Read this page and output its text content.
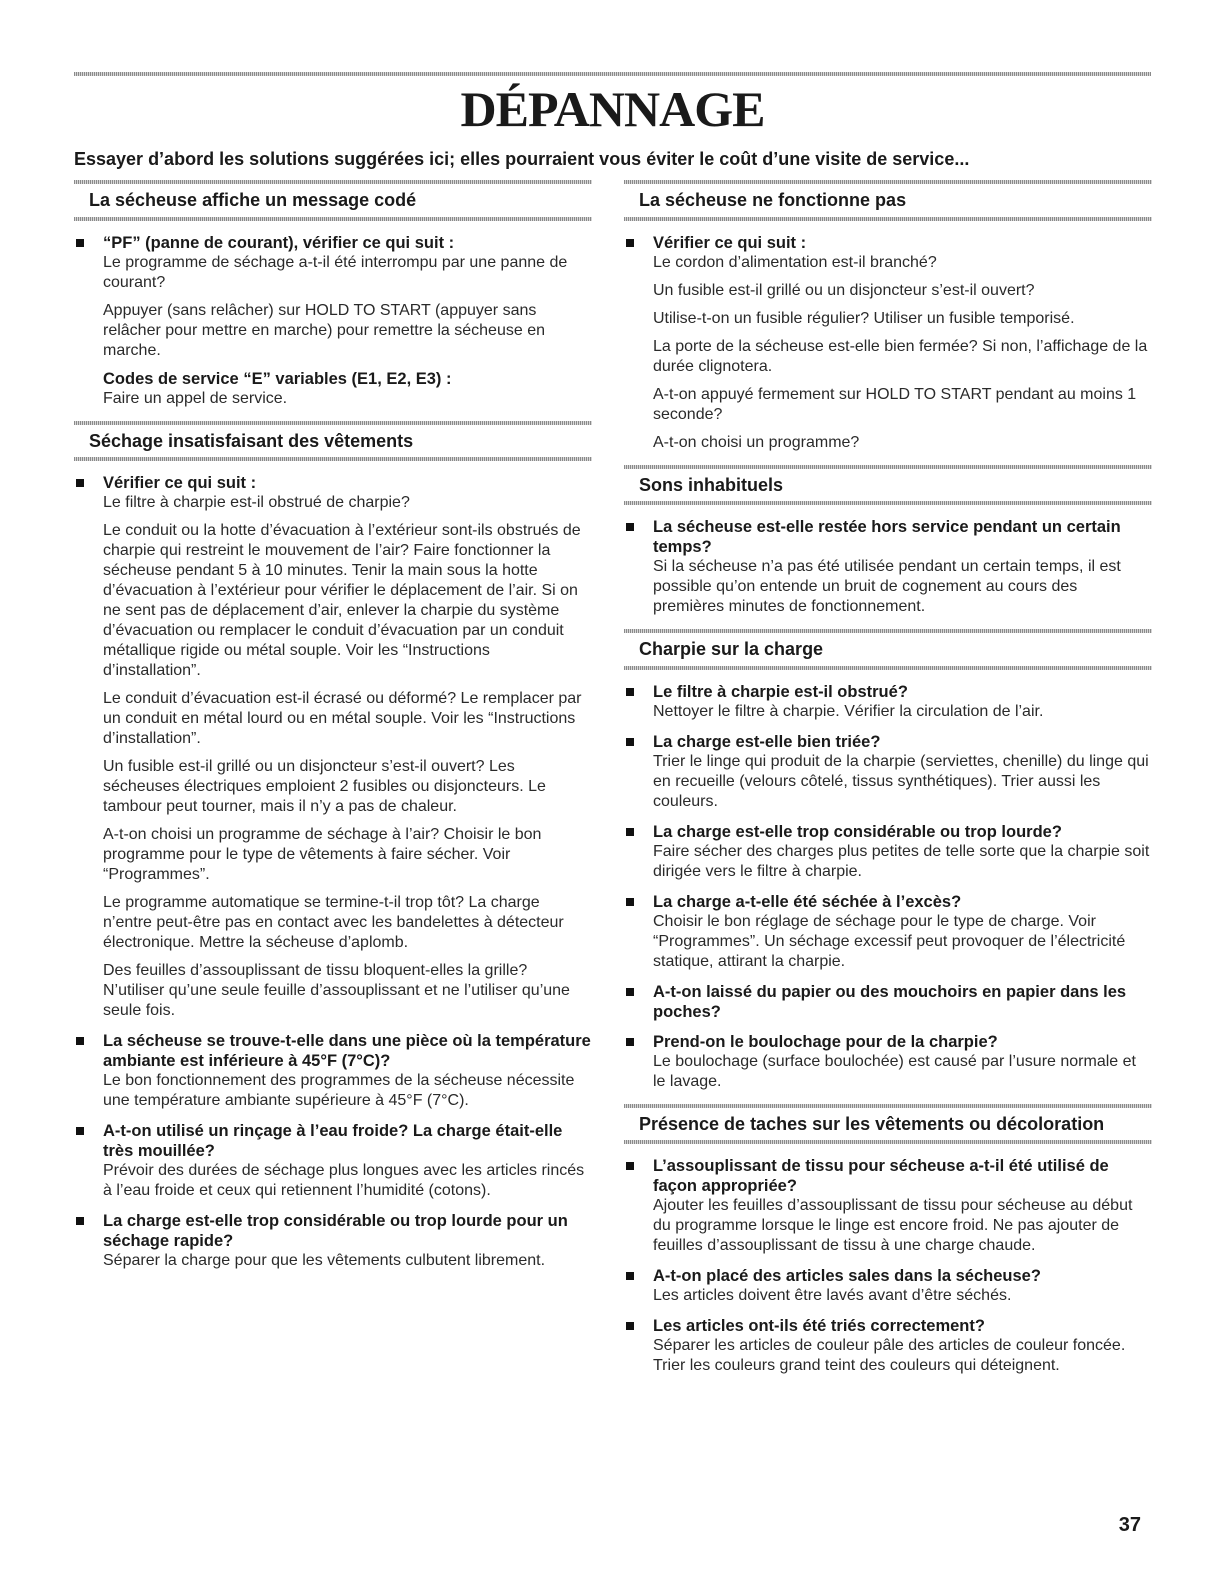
DÉPANNAGE

Essayer d’abord les solutions suggérées ici; elles pourraient vous éviter le coût d’une visite de service...

La sécheuse affiche un message codé

“PF” (panne de courant), vérifier ce qui suit :

Le programme de séchage a-t-il été interrompu par une panne de courant?

Appuyer (sans relâcher) sur HOLD TO START (appuyer sans relâcher pour mettre en marche) pour remettre la sécheuse en marche.

Codes de service “E” variables (E1, E2, E3) :

Faire un appel de service.

Séchage insatisfaisant des vêtements

Vérifier ce qui suit :

Le filtre à charpie est-il obstrué de charpie?

Le conduit ou la hotte d’évacuation à l’extérieur sont-ils obstrués de charpie qui restreint le mouvement de l’air? Faire fonctionner la sécheuse pendant 5 à 10 minutes. Tenir la main sous la hotte d’évacuation à l’extérieur pour vérifier le déplacement de l’air. Si on ne sent pas de déplacement d’air, enlever la charpie du système d’évacuation ou remplacer le conduit d’évacuation par un conduit métallique rigide ou métal souple. Voir les “Instructions d’installation”.

Le conduit d’évacuation est-il écrasé ou déformé? Le remplacer par un conduit en métal lourd ou en métal souple. Voir les “Instructions d’installation”.

Un fusible est-il grillé ou un disjoncteur s’est-il ouvert? Les sécheuses électriques emploient 2 fusibles ou disjoncteurs. Le tambour peut tourner, mais il n’y a pas de chaleur.

A-t-on choisi un programme de séchage à l’air? Choisir le bon programme pour le type de vêtements à faire sécher. Voir “Programmes”.

Le programme automatique se termine-t-il trop tôt? La charge n’entre peut-être pas en contact avec les bandelettes à détecteur électronique. Mettre la sécheuse d’aplomb.

Des feuilles d’assouplissant de tissu bloquent-elles la grille? N’utiliser qu’une seule feuille d’assouplissant et ne l’utiliser qu’une seule fois.

La sécheuse se trouve-t-elle dans une pièce où la température ambiante est inférieure à 45°F (7°C)?

Le bon fonctionnement des programmes de la sécheuse nécessite une température ambiante supérieure à 45°F (7°C).

A-t-on utilisé un rinçage à l’eau froide? La charge était-elle très mouillée?

Prévoir des durées de séchage plus longues avec les articles rincés à l’eau froide et ceux qui retiennent l’humidité (cotons).

La charge est-elle trop considérable ou trop lourde pour un séchage rapide?

Séparer la charge pour que les vêtements culbutent librement.

La sécheuse ne fonctionne pas

Vérifier ce qui suit :

Le cordon d’alimentation est-il branché?

Un fusible est-il grillé ou un disjoncteur s’est-il ouvert?

Utilise-t-on un fusible régulier? Utiliser un fusible temporisé.

La porte de la sécheuse est-elle bien fermée? Si non, l’affichage de la durée clignotera.

A-t-on appuyé fermement sur HOLD TO START pendant au moins 1 seconde?

A-t-on choisi un programme?

Sons inhabituels

La sécheuse est-elle restée hors service pendant un certain temps?

Si la sécheuse n’a pas été utilisée pendant un certain temps, il est possible qu’on entende un bruit de cognement au cours des premières minutes de fonctionnement.

Charpie sur la charge

Le filtre à charpie est-il obstrué?

Nettoyer le filtre à charpie. Vérifier la circulation de l’air.

La charge est-elle bien triée?

Trier le linge qui produit de la charpie (serviettes, chenille) du linge qui en recueille (velours côtelé, tissus synthétiques). Trier aussi les couleurs.

La charge est-elle trop considérable ou trop lourde?

Faire sécher des charges plus petites de telle sorte que la charpie soit dirigée vers le filtre à charpie.

La charge a-t-elle été séchée à l’excès?

Choisir le bon réglage de séchage pour le type de charge. Voir “Programmes”. Un séchage excessif peut provoquer de l’électricité statique, attirant la charpie.

A-t-on laissé du papier ou des mouchoirs en papier dans les poches?

Prend-on le boulochage pour de la charpie?

Le boulochage (surface boulochée) est causé par l’usure normale et le lavage.

Présence de taches sur les vêtements ou décoloration

L’assouplissant de tissu pour sécheuse a-t-il été utilisé de façon appropriée?

Ajouter les feuilles d’assouplissant de tissu pour sécheuse au début du programme lorsque le linge est encore froid. Ne pas ajouter de feuilles d’assouplissant de tissu à une charge chaude.

A-t-on placé des articles sales dans la sécheuse?

Les articles doivent être lavés avant d’être séchés.

Les articles ont-ils été triés correctement?

Séparer les articles de couleur pâle des articles de couleur foncée. Trier les couleurs grand teint des couleurs qui déteignent.

37
